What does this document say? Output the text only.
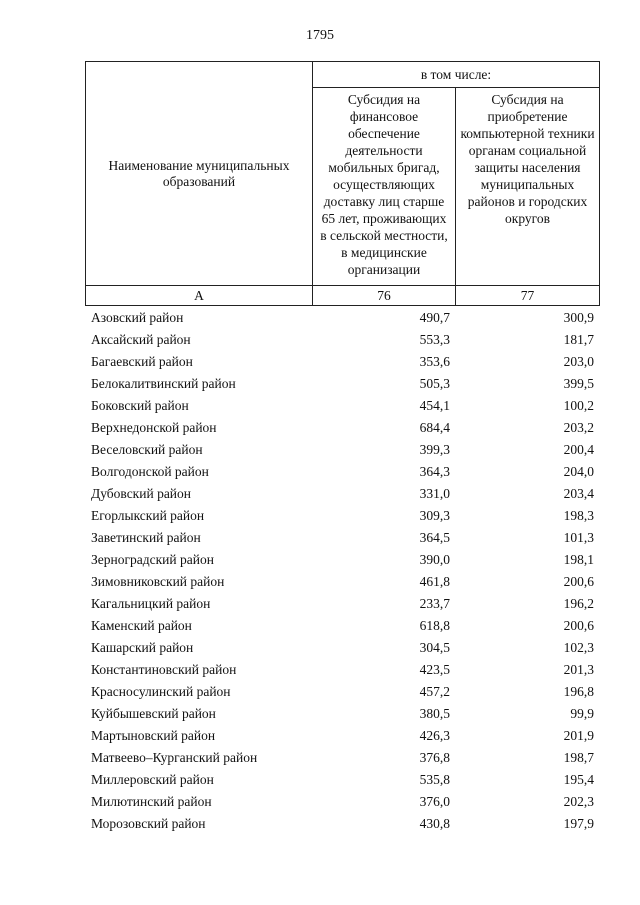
1795
Наименование муниципальных образований
в том числе:
Субсидия на финансовое обеспечение деятельности мобильных бригад, осуществляющих доставку лиц старше 65 лет, проживающих в сельской местности, в медицинские организации
Субсидия на приобретение компьютерной техники органам социальной защиты населения муниципальных районов и городских округов
А	76	77
Азовский район	490,7	300,9
Аксайский район	553,3	181,7
Багаевский район	353,6	203,0
Белокалитвинский район	505,3	399,5
Боковский район	454,1	100,2
Верхнедонской район	684,4	203,2
Веселовский район	399,3	200,4
Волгодонской район	364,3	204,0
Дубовский район	331,0	203,4
Егорлыкский район	309,3	198,3
Заветинский район	364,5	101,3
Зерноградский район	390,0	198,1
Зимовниковский район	461,8	200,6
Кагальницкий район	233,7	196,2
Каменский район	618,8	200,6
Кашарский район	304,5	102,3
Константиновский район	423,5	201,3
Красносулинский район	457,2	196,8
Куйбышевский район	380,5	99,9
Мартыновский район	426,3	201,9
Матвеево–Курганский район	376,8	198,7
Миллеровский район	535,8	195,4
Милютинский район	376,0	202,3
Морозовский район	430,8	197,9
